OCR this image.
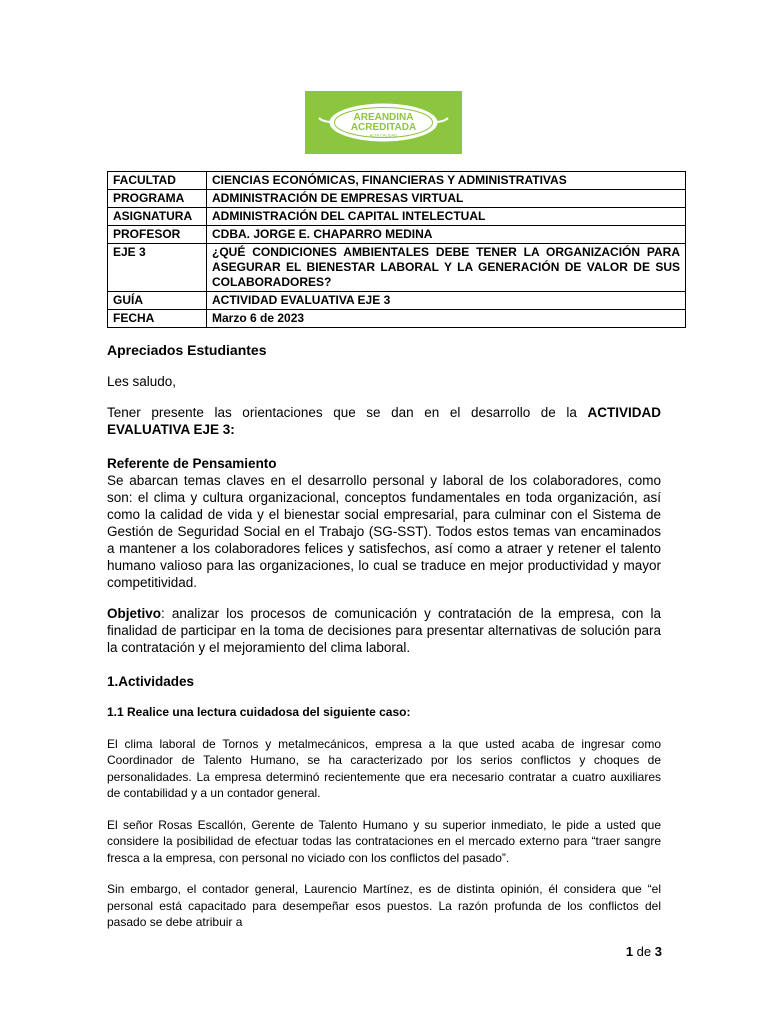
AREANDINA
ACREDITADA
ALTA CALIDAD
FACULTAD	CIENCIAS ECONÓMICAS, FINANCIERAS Y ADMINISTRATIVAS
PROGRAMA	ADMINISTRACIÓN DE EMPRESAS VIRTUAL
ASIGNATURA	ADMINISTRACIÓN DEL CAPITAL INTELECTUAL
PROFESOR	CDBA. JORGE E. CHAPARRO MEDINA
EJE 3	¿QUÉ CONDICIONES AMBIENTALES DEBE TENER LA ORGANIZACIÓN PARA ASEGURAR EL BIENESTAR LABORAL Y LA GENERACIÓN DE VALOR DE SUS COLABORADORES?
GUÍA	ACTIVIDAD EVALUATIVA EJE 3
FECHA	Marzo 6 de 2023

Apreciados Estudiantes

Les saludo,

Tener presente las orientaciones que se dan en el desarrollo de la ACTIVIDAD EVALUATIVA EJE 3:

Referente de Pensamiento

Se abarcan temas claves en el desarrollo personal y laboral de los colaboradores, como son: el clima y cultura organizacional, conceptos fundamentales en toda organización, así como la calidad de vida y el bienestar social empresarial, para culminar con el Sistema de Gestión de Seguridad Social en el Trabajo (SG-SST). Todos estos temas van encaminados a mantener a los colaboradores felices y satisfechos, así como a atraer y retener el talento humano valioso para las organizaciones, lo cual se traduce en mejor productividad y mayor competitividad.

Objetivo: analizar los procesos de comunicación y contratación de la empresa, con la finalidad de participar en la toma de decisiones para presentar alternativas de solución para la contratación y el mejoramiento del clima laboral.

1.Actividades

1.1 Realice una lectura cuidadosa del siguiente caso:

El clima laboral de Tornos y metalmecánicos, empresa a la que usted acaba de ingresar como Coordinador de Talento Humano, se ha caracterizado por los serios conflictos y choques de personalidades. La empresa determinó recientemente que era necesario contratar a cuatro auxiliares de contabilidad y a un contador general.

El señor Rosas Escallón, Gerente de Talento Humano y su superior inmediato, le pide a usted que considere la posibilidad de efectuar todas las contrataciones en el mercado externo para “traer sangre fresca a la empresa, con personal no viciado con los conflictos del pasado”.

Sin embargo, el contador general, Laurencio Martínez, es de distinta opinión, él considera que “el personal está capacitado para desempeñar esos puestos. La razón profunda de los conflictos del pasado se debe atribuir a

1 de 3
